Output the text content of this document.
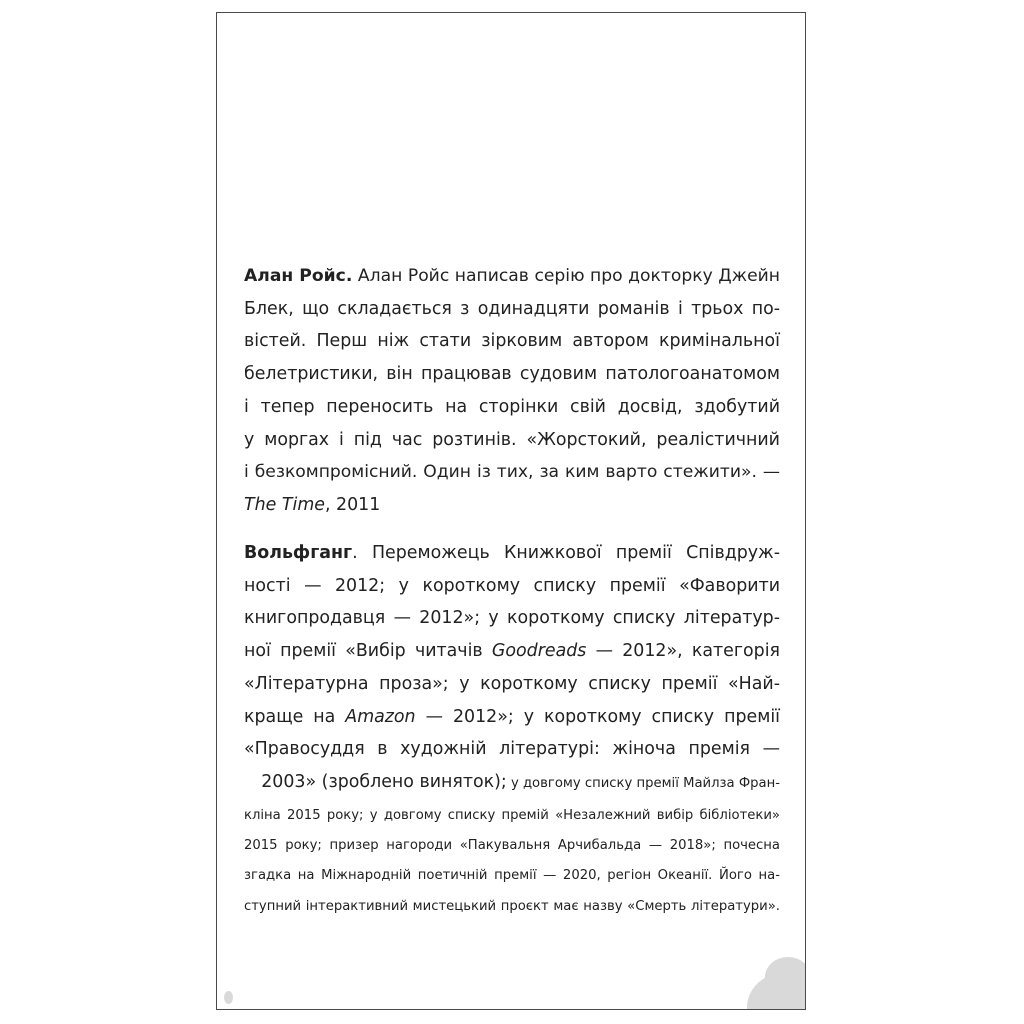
Алан Ройс. Алан Ройс написав серію про докторку Джейн
Блек, що складається з одинадцяти романів і трьох по-
вістей. Перш ніж стати зірковим автором кримінальної
белетристики, він працював судовим патологоанатомом
і тепер переносить на сторінки свій досвід, здобутий
у моргах і під час розтинів. «Жорстокий, реалістичний
і безкомпромісний. Один із тих, за ким варто стежити». —
The Time, 2011

Вольфганг. Переможець Книжкової премії Співдруж-
ності — 2012; у короткому списку премії «Фаворити
книгопродавця — 2012»; у короткому списку літератур-
ної премії «Вибір читачів Goodreads — 2012», категорія
«Літературна проза»; у короткому списку премії «Най-
краще на Amazon — 2012»; у короткому списку премії
«Правосуддя в художній літературі: жіноча премія —
2003» (зроблено виняток); у довгому списку премії Майлза Фран-

кліна 2015 року; у довгому списку премій «Незалежний вибір бібліотеки»
2015 року; призер нагороди «Пакувальня Арчибальда — 2018»; почесна
згадка на Міжнародній поетичній премії — 2020, регіон Океанії. Його на-
ступний інтерактивний мистецький проєкт має назву «Смерть літератури».
